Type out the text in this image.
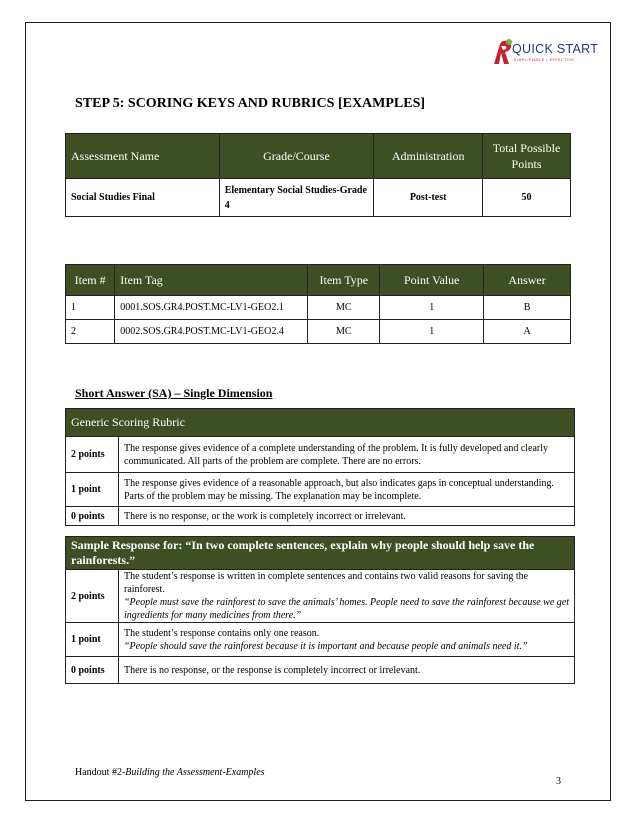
QUICK START
SIMPLIFIABLE • EFFECTIVE
STEP 5: SCORING KEYS AND RUBRICS [EXAMPLES]
Assessment Name	Grade/Course	Administration	Total Possible Points
Social Studies Final	Elementary Social Studies-Grade 4	Post-test	50
Item #	Item Tag	Item Type	Point Value	Answer
1	0001.SOS.GR4.POST.MC-LV1-GEO2.1	MC	1	B
2	0002.SOS.GR4.POST.MC-LV1-GEO2.4	MC	1	A
Short Answer (SA) – Single Dimension
Generic Scoring Rubric	
2 points	The response gives evidence of a complete understanding of the problem. It is fully developed and clearly communicated. All parts of the problem are complete. There are no errors.
1 point	The response gives evidence of a reasonable approach, but also indicates gaps in conceptual understanding. Parts of the problem may be missing. The explanation may be incomplete.
0 points	There is no response, or the work is completely incorrect or irrelevant.
Sample Response for: “In two complete sentences, explain why people should help save the rainforests.”	
2 points	The student’s response is written in complete sentences and contains two valid reasons for saving the rainforest.
“People must save the rainforest to save the animals’ homes. People need to save the rainforest because we get ingredients for many medicines from there.”
1 point	The student’s response contains only one reason.
“People should save the rainforest because it is important and because people and animals need it.”
0 points	There is no response, or the response is completely incorrect or irrelevant.
Handout #2-Building the Assessment-Examples
3
